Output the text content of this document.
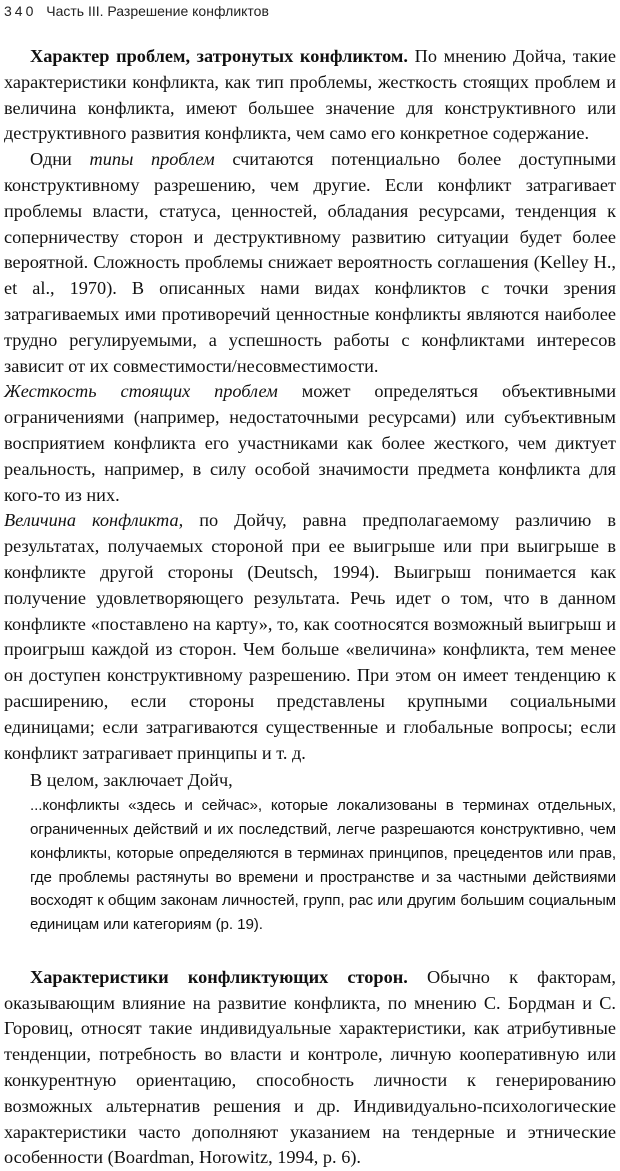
340 Часть III. Разрешение конфликтов

Характер проблем, затронутых конфликтом. По мнению Дойча, такие характеристики конфликта, как тип проблемы, жесткость стоящих проблем и величина конфликта, имеют большее значение для конструктивного или деструктивного развития конфликта, чем само его конкретное содержание.

Одни типы проблем считаются потенциально более доступными конструктивному разрешению, чем другие. Если конфликт затрагивает проблемы власти, статуса, ценностей, обладания ресурсами, тенденция к соперничеству сторон и деструктивному развитию ситуации будет более вероятной. Сложность проблемы снижает вероятность соглашения (Kelley H., et al., 1970). В описанных нами видах конфликтов с точки зрения затрагиваемых ими противоречий ценностные конфликты являются наиболее трудно регулируемыми, а успешность работы с конфликтами интересов зависит от их совместимости/несовместимости.

Жесткость стоящих проблем может определяться объективными ограничениями (например, недостаточными ресурсами) или субъективным восприятием конфликта его участниками как более жесткого, чем диктует реальность, например, в силу особой значимости предмета конфликта для кого-то из них.

Величина конфликта, по Дойчу, равна предполагаемому различию в результатах, получаемых стороной при ее выигрыше или при выигрыше в конфликте другой стороны (Deutsch, 1994). Выигрыш понимается как получение удовлетворяющего результата. Речь идет о том, что в данном конфликте «поставлено на карту», то, как соотносятся возможный выигрыш и проигрыш каждой из сторон. Чем больше «величина» конфликта, тем менее он доступен конструктивному разрешению. При этом он имеет тенденцию к расширению, если стороны представлены крупными социальными единицами; если затрагиваются существенные и глобальные вопросы; если конфликт затрагивает принципы и т. д.

В целом, заключает Дойч,

...конфликты «здесь и сейчас», которые локализованы в терминах отдельных, ограниченных действий и их последствий, легче разрешаются конструктивно, чем конфликты, которые определяются в терминах принципов, прецедентов или прав, где проблемы растянуты во времени и пространстве и за частными действиями восходят к общим законам личностей, групп, рас или другим большим социальным единицам или категориям (р. 19).

Характеристики конфликтующих сторон. Обычно к факторам, оказывающим влияние на развитие конфликта, по мнению С. Бордман и С. Горовиц, относят такие индивидуальные характеристики, как атрибутивные тенденции, потребность во власти и контроле, личную кооперативную или конкурентную ориентацию, способность личности к генерированию возможных альтернатив решения и др. Индивидуально-психологические характеристики часто дополняют указанием на тендерные и этнические особенности (Boardman, Horowitz, 1994, p. 6).
